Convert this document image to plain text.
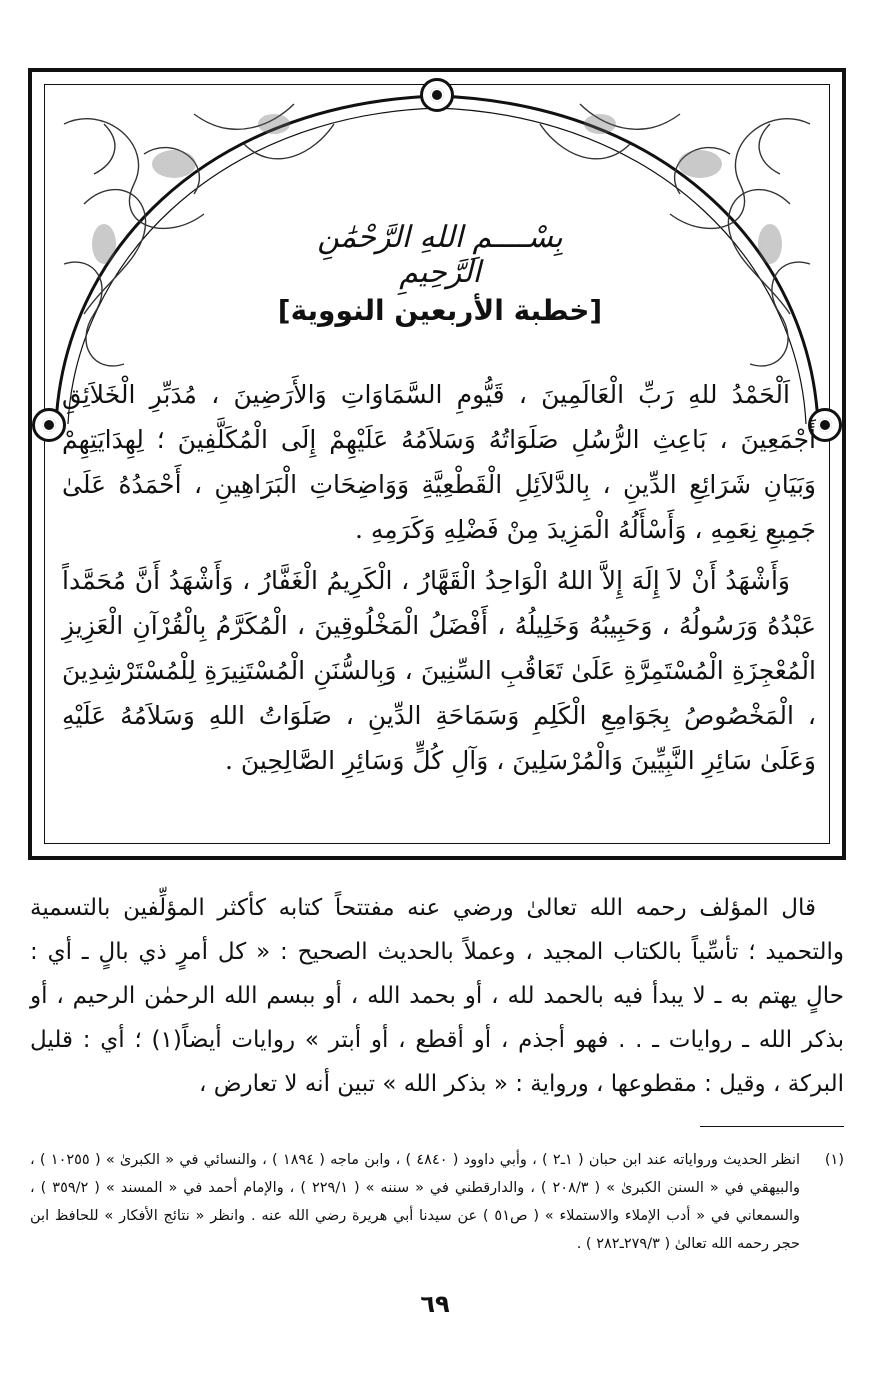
بِسْــــمِ اللهِ الرَّحْمَٰنِ الرَّحِيمِ
[خطبة الأربعين النووية]

اَلْحَمْدُ للهِ رَبِّ الْعَالَمِينَ ، قَيُّومِ السَّمَاوَاتِ وَالأَرَضِينَ ، مُدَبِّرِ الْخَلاَئِقِ أَجْمَعِينَ ، بَاعِثِ الرُّسُلِ صَلَوَاتُهُ وَسَلاَمُهُ عَلَيْهِمْ إِلَى الْمُكَلَّفِينَ ؛ لِهِدَايَتِهِمْ وَبَيَانِ شَرَائِعِ الدِّينِ ، بِالدَّلاَئِلِ الْقَطْعِيَّةِ وَوَاضِحَاتِ الْبَرَاهِينِ ، أَحْمَدُهُ عَلَىٰ جَمِيعِ نِعَمِهِ ، وَأَسْأَلُهُ الْمَزِيدَ مِنْ فَضْلِهِ وَكَرَمِهِ .

وَأَشْهَدُ أَنْ لاَ إِلَهَ إِلاَّ اللهُ الْوَاحِدُ الْقَهَّارُ ، الْكَرِيمُ الْغَفَّارُ ، وَأَشْهَدُ أَنَّ مُحَمَّداً عَبْدُهُ وَرَسُولُهُ ، وَحَبِيبُهُ وَخَلِيلُهُ ، أَفْضَلُ الْمَخْلُوقِينَ ، الْمُكَرَّمُ بِالْقُرْآنِ الْعَزِيزِ الْمُعْجِزَةِ الْمُسْتَمِرَّةِ عَلَىٰ تَعَاقُبِ السِّنِينَ ، وَبِالسُّنَنِ الْمُسْتَنِيرَةِ لِلْمُسْتَرْشِدِينَ ، الْمَخْصُوصُ بِجَوَامِعِ الْكَلِمِ وَسَمَاحَةِ الدِّينِ ، صَلَوَاتُ اللهِ وَسَلاَمُهُ عَلَيْهِ وَعَلَىٰ سَائِرِ النَّبِيِّينَ وَالْمُرْسَلِينَ ، وَآلِ كُلٍّ وَسَائِرِ الصَّالِحِينَ .

قال المؤلف رحمه الله تعالىٰ ورضي عنه مفتتحاً كتابه كأكثر المؤلِّفين بالتسمية والتحميد ؛ تأسِّياً بالكتاب المجيد ، وعملاً بالحديث الصحيح : « كل أمرٍ ذي بالٍ ـ أي : حالٍ يهتم به ـ لا يبدأ فيه بالحمد لله ، أو بحمد الله ، أو ببسم الله الرحمٰن الرحيم ، أو بذكر الله ـ روايات ـ . . فهو أجذم ، أو أقطع ، أو أبتر » روايات أيضاً(١) ؛ أي : قليل البركة ، وقيل : مقطوعها ، ورواية : « بذكر الله » تبين أنه لا تعارض ،

(١)
انظر الحديث ورواياته عند ابن حبان ( ١ـ٢ ) ، وأبي داوود ( ٤٨٤٠ ) ، وابن ماجه ( ١٨٩٤ ) ، والنسائي في « الكبرىٰ » ( ١٠٢٥٥ ) ، والبيهقي في « السنن الكبرىٰ » ( ٢٠٨/٣ ) ، والدارقطني في « سننه » ( ٢٢٩/١ ) ، والإمام أحمد في « المسند » ( ٣٥٩/٢ ) ، والسمعاني في « أدب الإملاء والاستملاء » ( ص٥١ ) عن سيدنا أبي هريرة رضي الله عنه . وانظر « نتائج الأفكار » للحافظ ابن حجر رحمه الله تعالىٰ ( ٢٧٩/٣ـ٢٨٢ ) .
٦٩
